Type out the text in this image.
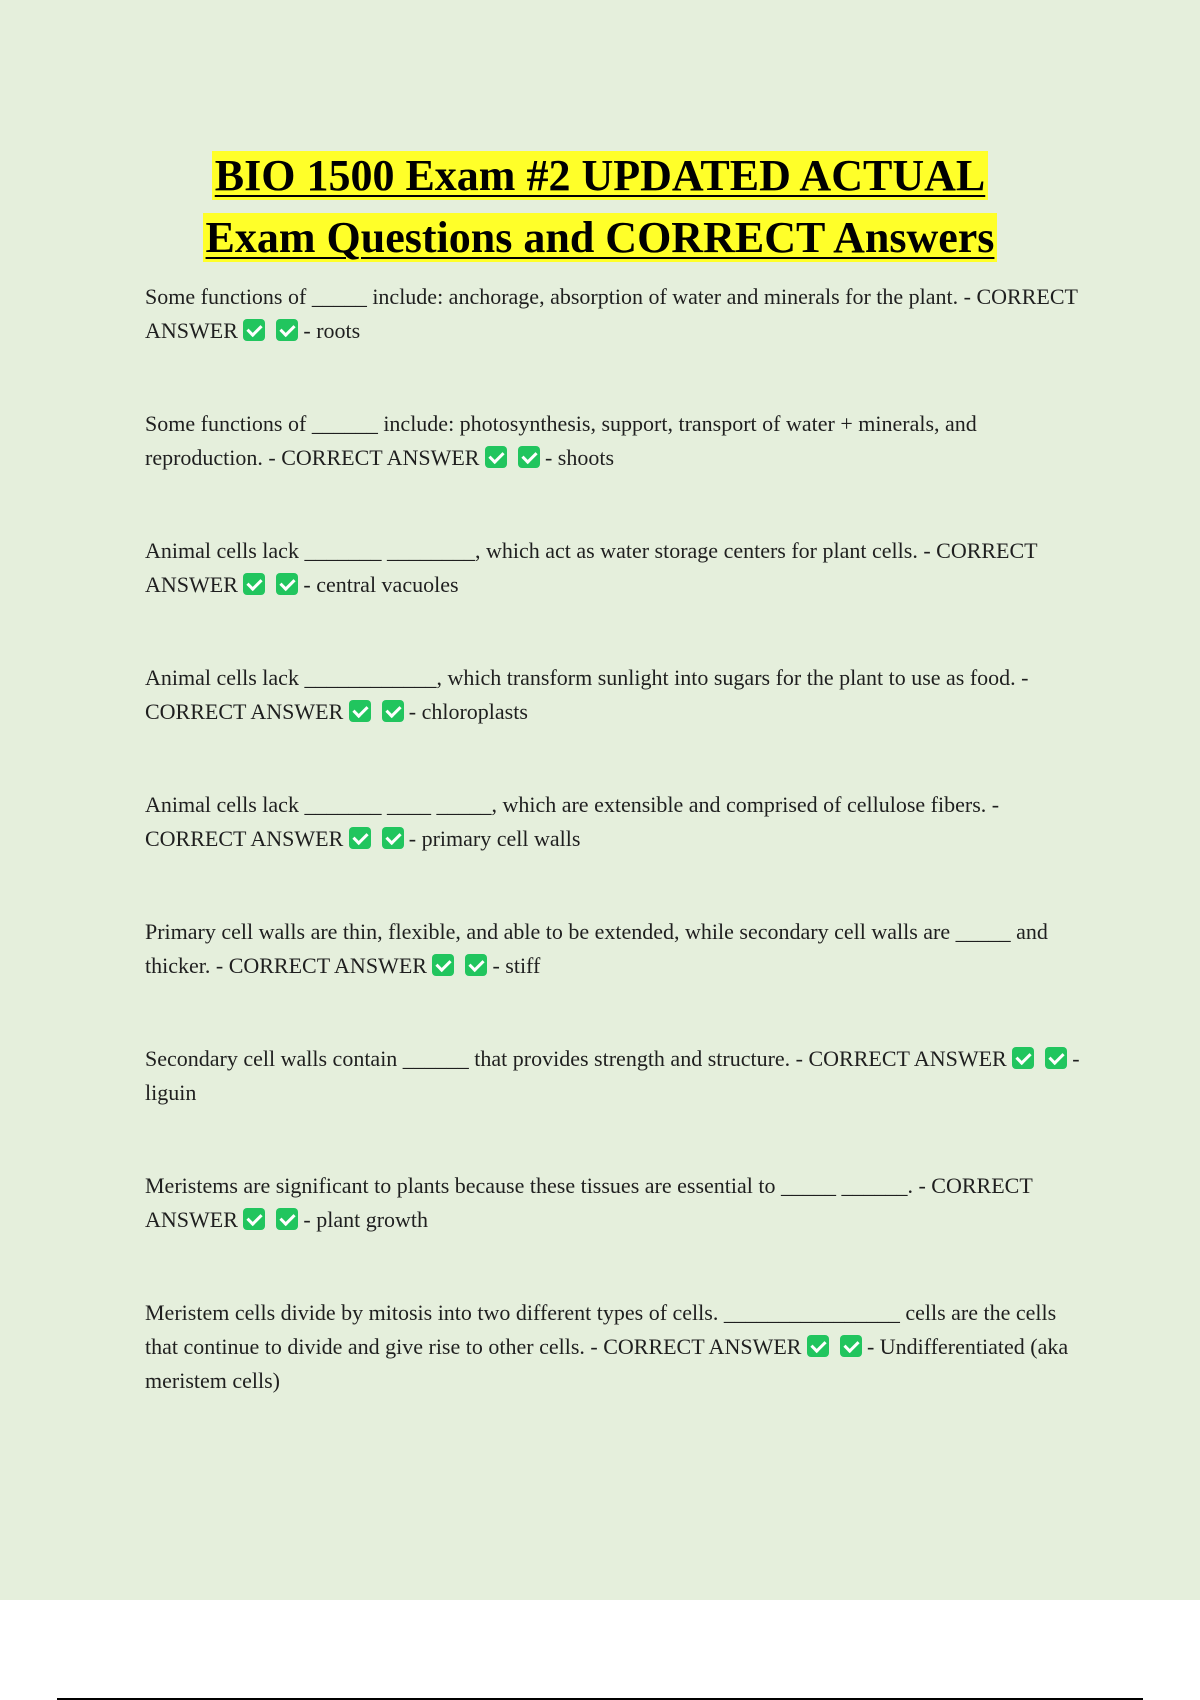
BIO 1500 Exam #2 UPDATED ACTUAL
Exam Questions and CORRECT Answers
Some functions of _____ include: anchorage, absorption of water and minerals for the plant. - CORRECT ANSWER	- roots
Some functions of ______ include: photosynthesis, support, transport of water + minerals, and reproduction. - CORRECT ANSWER	- shoots
Animal cells lack _______ ________, which act as water storage centers for plant cells. - CORRECT ANSWER	- central vacuoles
Animal cells lack ____________, which transform sunlight into sugars for the plant to use as food. - CORRECT ANSWER	- chloroplasts
Animal cells lack _______ ____ _____, which are extensible and comprised of cellulose fibers. - CORRECT ANSWER	- primary cell walls
Primary cell walls are thin, flexible, and able to be extended, while secondary cell walls are _____ and thicker. - CORRECT ANSWER	- stiff
Secondary cell walls contain ______ that provides strength and structure. - CORRECT ANSWER	- liguin
Meristems are significant to plants because these tissues are essential to _____ ______. - CORRECT ANSWER	- plant growth
Meristem cells divide by mitosis into two different types of cells. ________________ cells are the cells that continue to divide and give rise to other cells. - CORRECT ANSWER	- Undifferentiated (aka meristem cells)
